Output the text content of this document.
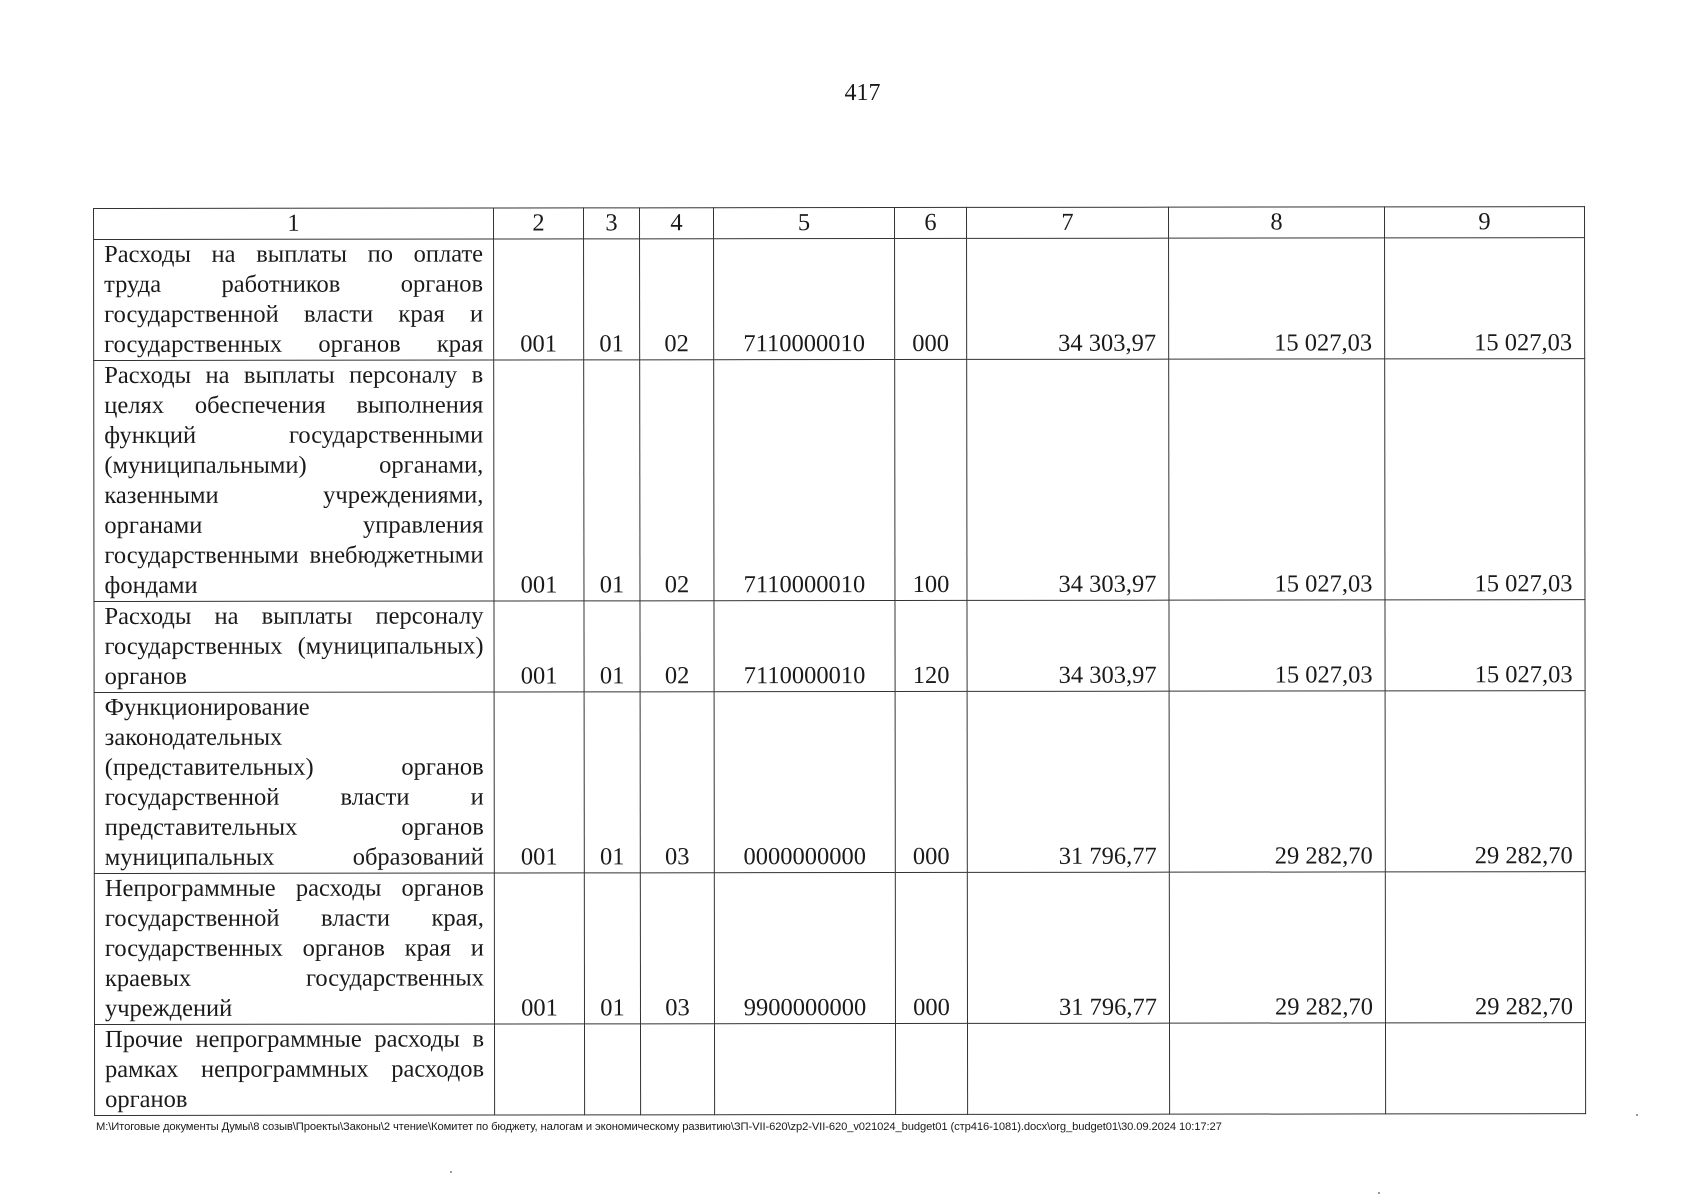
417
1	2	3	4	5	6	7	8	9
Расходы на выплаты по оплате труда работников органов государственной власти края и государственных органов края	001	01	02	7110000010	000	34 303,97	15 027,03	15 027,03
Расходы на выплаты персоналу в целях обеспечения выполнения функций государственными (муниципальными) органами, казенными учреждениями, органами управления государственными внебюджетными фондами	001	01	02	7110000010	100	34 303,97	15 027,03	15 027,03
Расходы на выплаты персоналу государственных (муниципальных) органов	001	01	02	7110000010	120	34 303,97	15 027,03	15 027,03
Функционирование законодательных (представительных) органов государственной власти и представительных органов муниципальных образований	001	01	03	0000000000	000	31 796,77	29 282,70	29 282,70
Непрограммные расходы органов государственной власти края, государственных органов края и краевых государственных учреждений	001	01	03	9900000000	000	31 796,77	29 282,70	29 282,70
Прочие непрограммные расходы в рамках непрограммных расходов органов								
М:\Итоговые документы Думы\8 созыв\Проекты\Законы\2 чтение\Комитет по бюджету, налогам и экономическому развитию\ЗП-VII-620\zp2-VII-620_v021024_budget01 (стр416-1081).docx\org_budget01\30.09.2024 10:17:27
